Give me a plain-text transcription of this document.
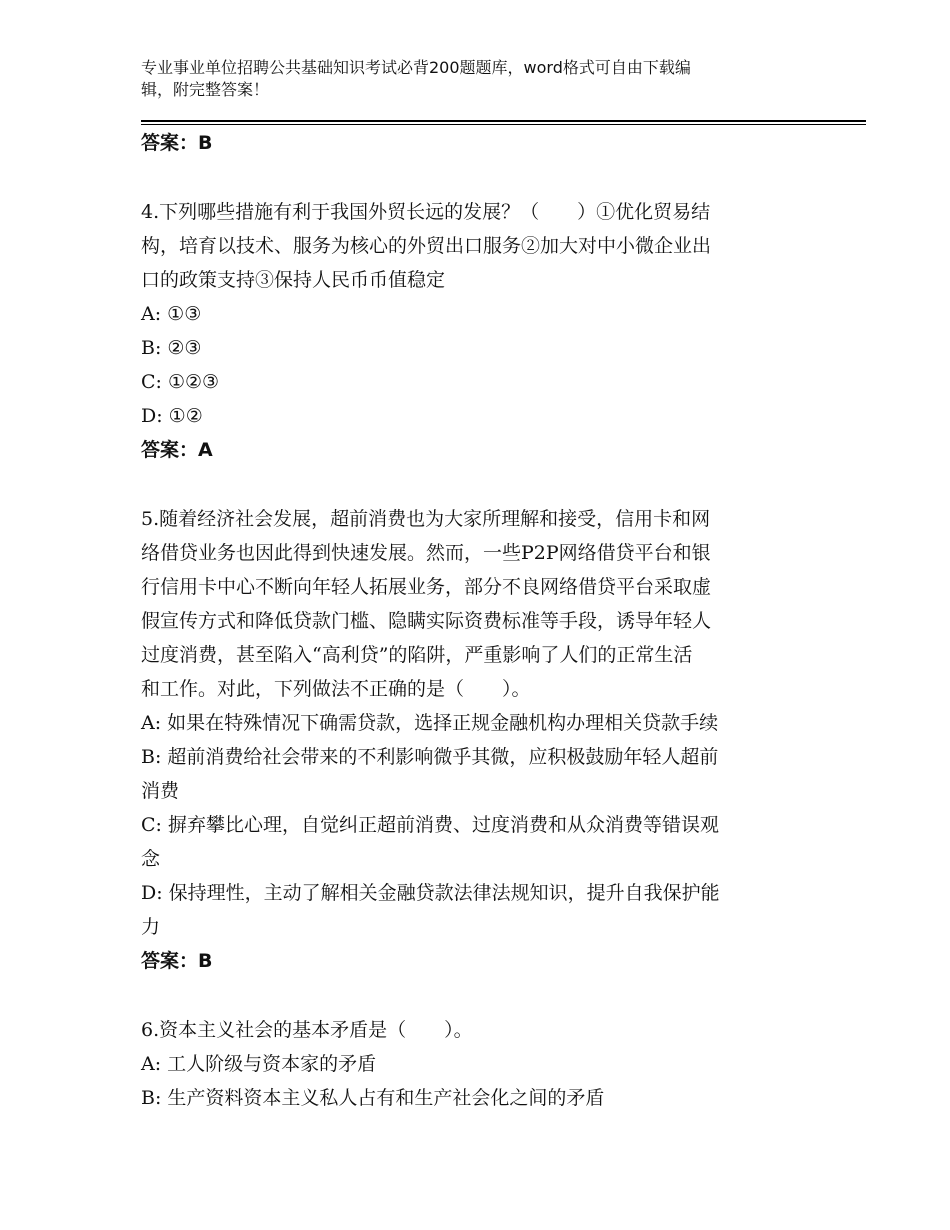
专业事业单位招聘公共基础知识考试必背200题题库，word格式可自由下载编
辑，附完整答案！
答案：B
4.下列哪些措施有利于我国外贸长远的发展？（　　）①优化贸易结
构，培育以技术、服务为核心的外贸出口服务②加大对中小微企业出
口的政策支持③保持人民币币值稳定
A: ①③
B: ②③
C: ①②③
D: ①②
答案：A
5.随着经济社会发展，超前消费也为大家所理解和接受，信用卡和网
络借贷业务也因此得到快速发展。然而，一些P2P网络借贷平台和银
行信用卡中心不断向年轻人拓展业务，部分不良网络借贷平台采取虚
假宣传方式和降低贷款门槛、隐瞒实际资费标准等手段，诱导年轻人
过度消费，甚至陷入“高利贷”的陷阱，严重影响了人们的正常生活
和工作。对此，下列做法不正确的是（　　）。
A: 如果在特殊情况下确需贷款，选择正规金融机构办理相关贷款手续
B: 超前消费给社会带来的不利影响微乎其微，应积极鼓励年轻人超前
消费
C: 摒弃攀比心理，自觉纠正超前消费、过度消费和从众消费等错误观
念
D: 保持理性，主动了解相关金融贷款法律法规知识，提升自我保护能
力
答案：B
6.资本主义社会的基本矛盾是（　　）。
A: 工人阶级与资本家的矛盾
B: 生产资料资本主义私人占有和生产社会化之间的矛盾
